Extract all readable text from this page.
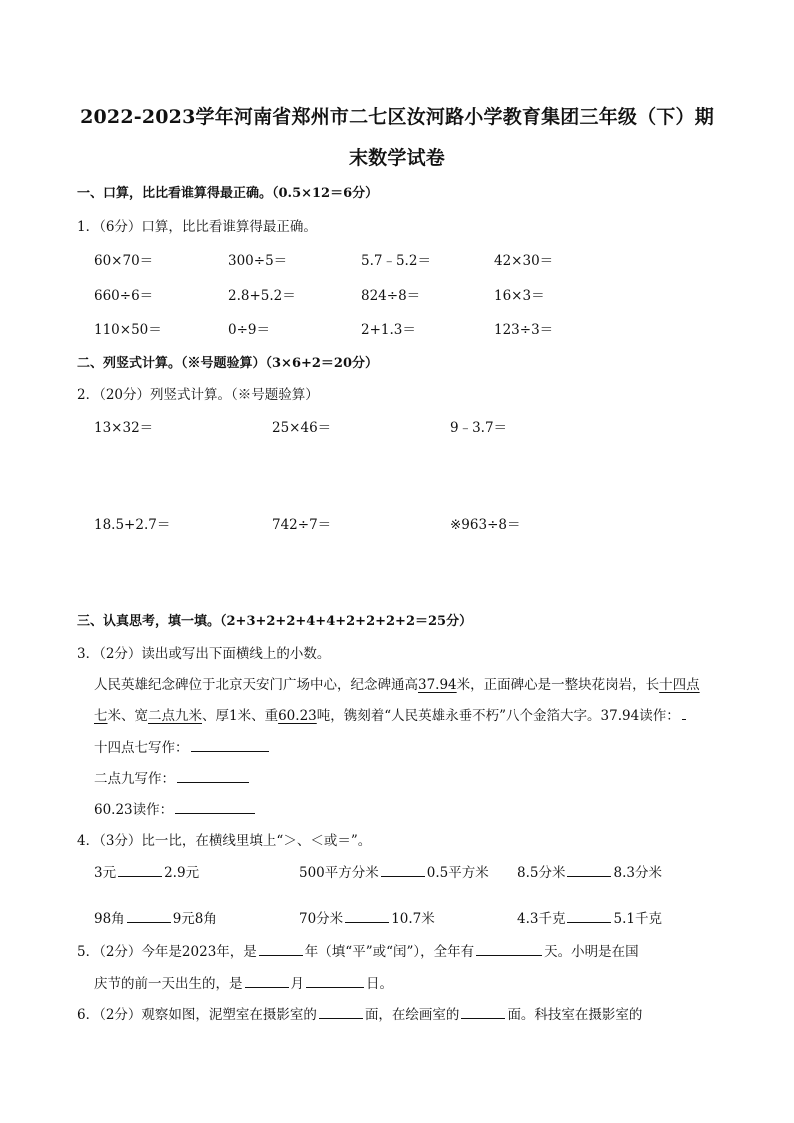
2022-2023学年河南省郑州市二七区汝河路小学教育集团三年级（下）期
末数学试卷
一、口算，比比看谁算得最正确。（0.5×12＝6分）
1．（6分）口算，比比看谁算得最正确。
60×70＝	300÷5＝	5.7﹣5.2＝	42×30＝
660÷6＝	2.8+5.2＝	824÷8＝	16×3＝
110×50＝	0÷9＝	2+1.3＝	123÷3＝
二、列竖式计算。（※号题验算）（3×6+2＝20分）
2．（20分）列竖式计算。（※号题验算）
13×32＝	25×46＝	9﹣3.7＝
18.5+2.7＝	742÷7＝	※963÷8＝
三、认真思考，填一填。（2+3+2+2+4+4+2+2+2+2＝25分）
3．（2分）读出或写出下面横线上的小数。
人民英雄纪念碑位于北京天安门广场中心，纪念碑通高37.94米，正面碑心是一整块花岗岩，长十四点
七米、宽二点九米、厚1米、重60.23吨，镌刻着“人民英雄永垂不朽”八个金箔大字。37.94读作：
十四点七写作：
二点九写作：
60.23读作：
4．（3分）比一比，在横线里填上“＞、＜或＝”。
3元	2.9元	500平方分米	0.5平方米 8.5分米	8.3分米
98角	9元8角	70分米	10.7米	4.3千克	5.1千克
5．（2分）今年是2023年，是	年（填“平”或“闰”），全年有	天。小明是在国
庆节的前一天出生的，是	月	日。
6．（2分）观察如图，泥塑室在摄影室的	面，在绘画室的	面。科技室在摄影室的
